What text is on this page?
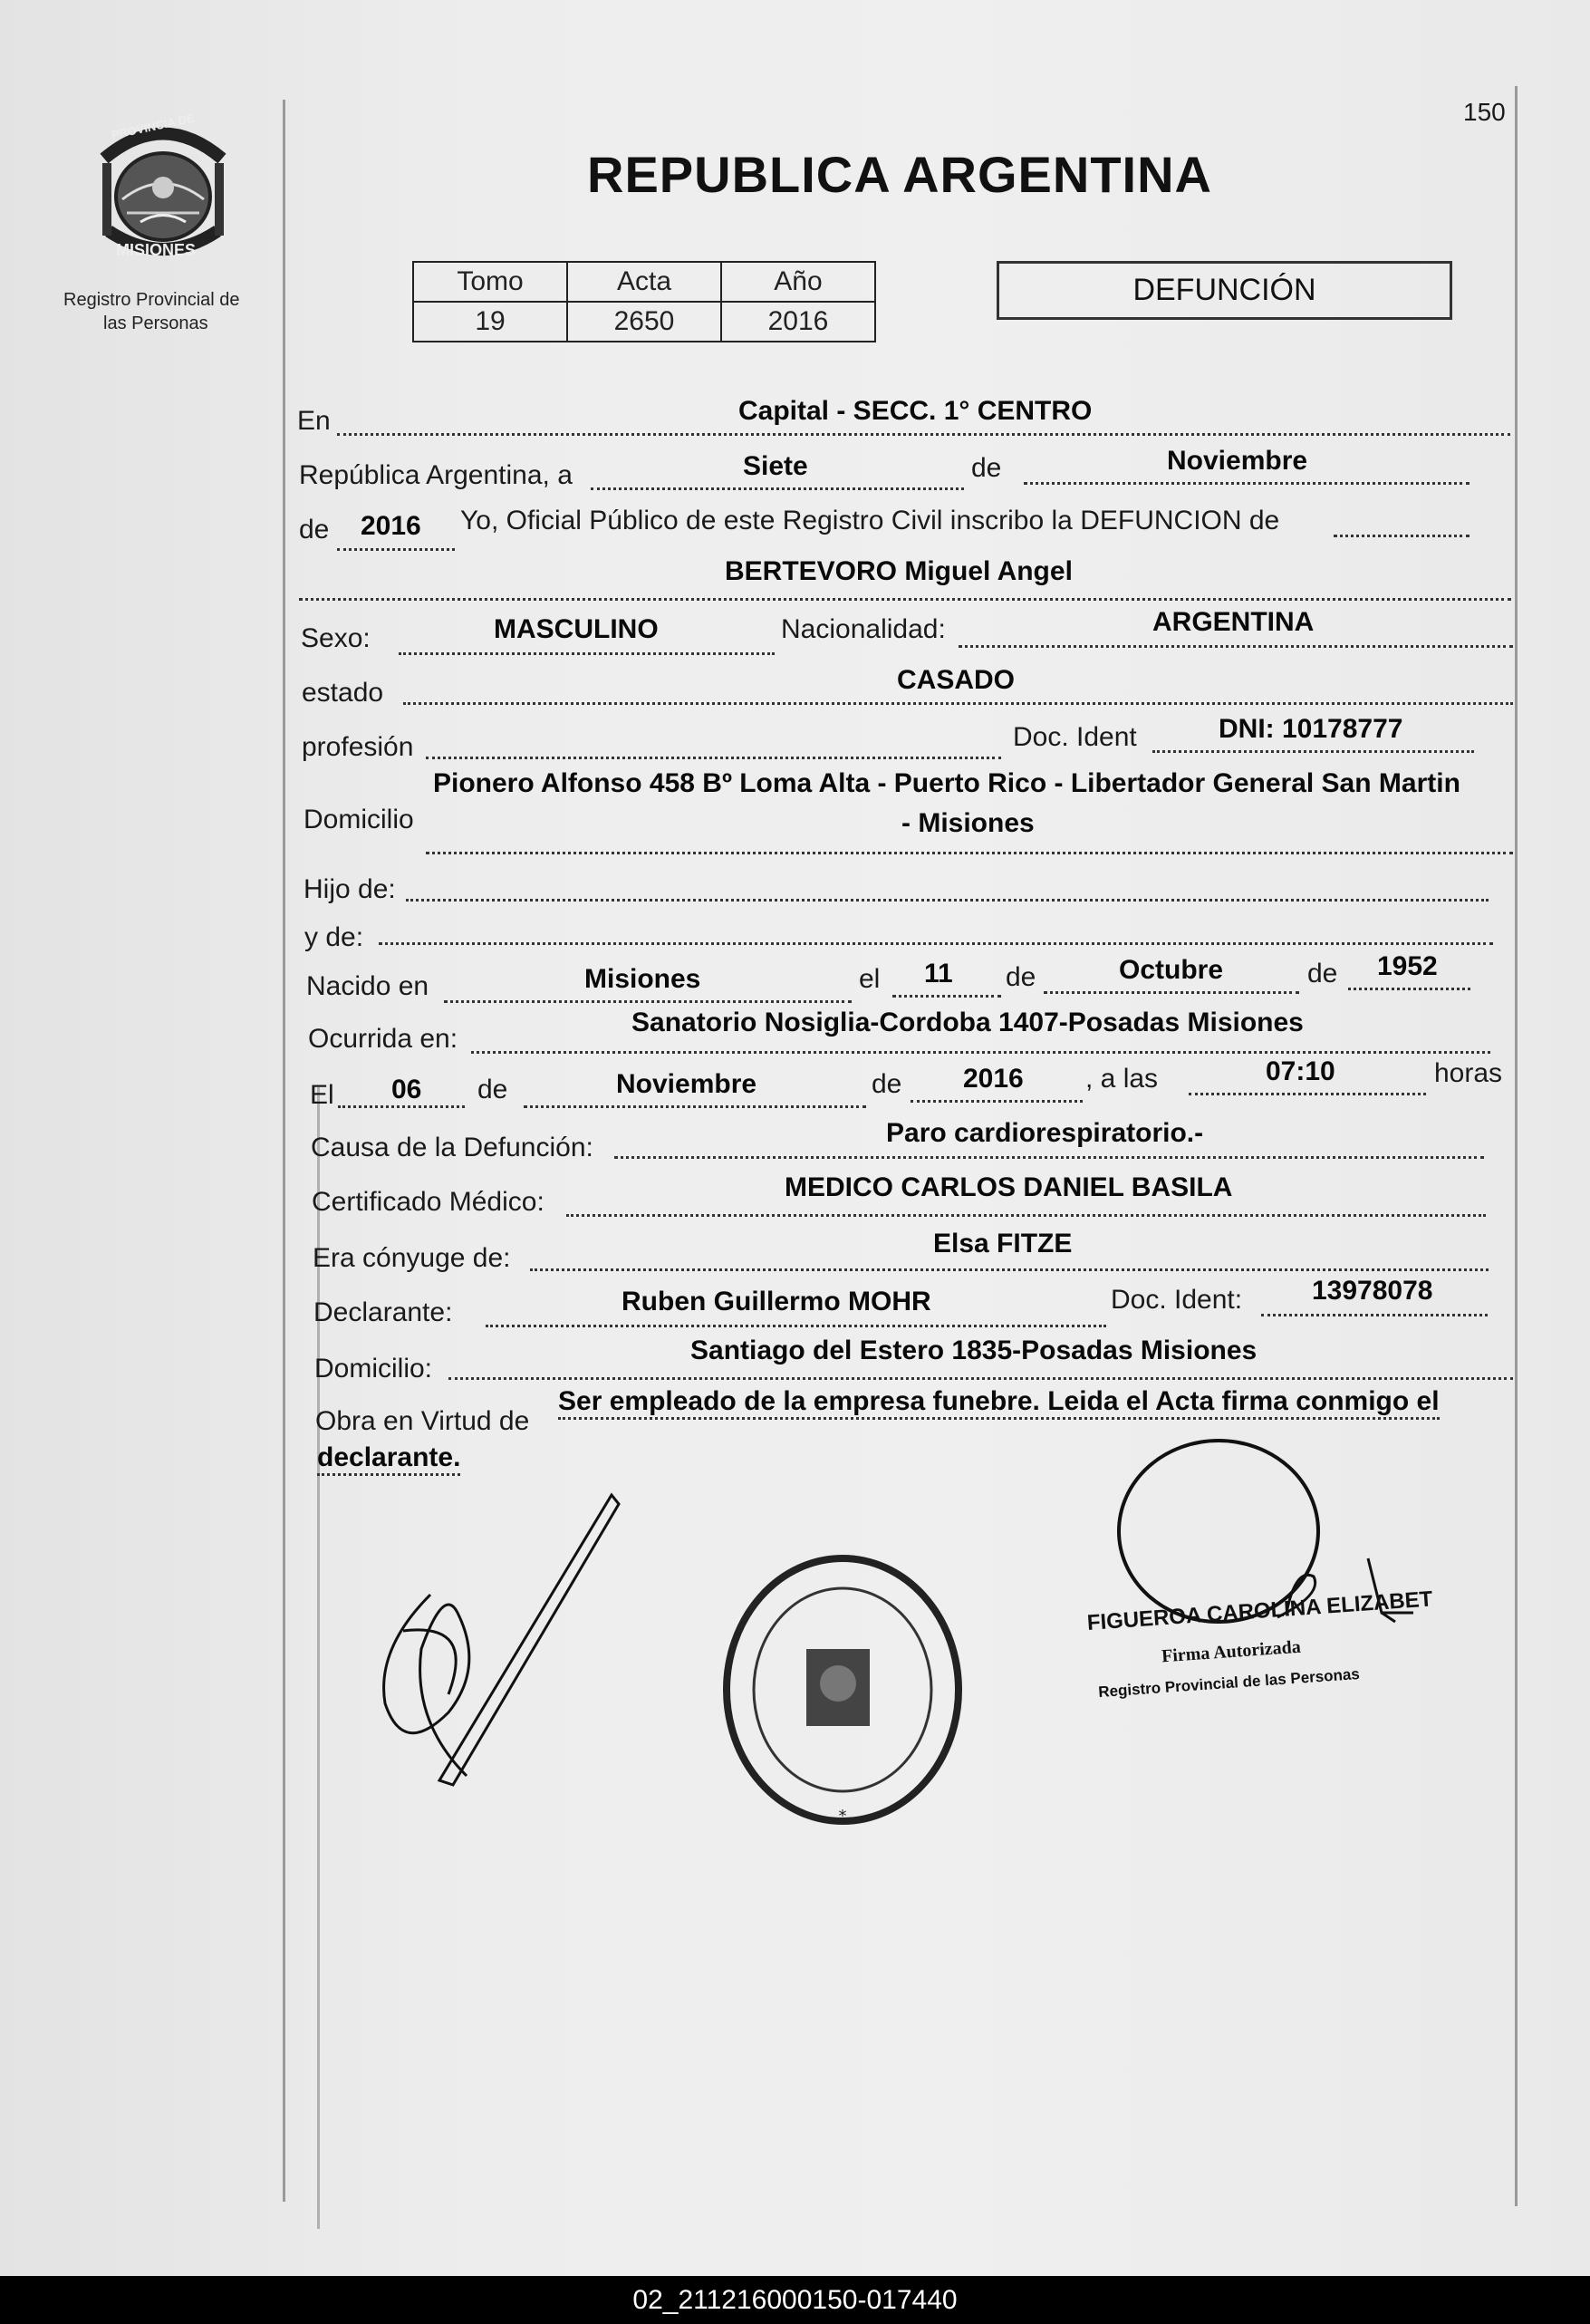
150
PROVINCIA DE
MISIONES
Registro Provincial de
las Personas
REPUBLICA ARGENTINA
Tomo	Acta	Año
19	2650	2016
DEFUNCIÓN
En	Capital - SECC. 1° CENTRO
República Argentina, a	Siete	de	Noviembre
de 2016 Yo, Oficial Público de este Registro Civil inscribo la DEFUNCION de
BERTEVORO Miguel Angel
Sexo:	MASCULINO	Nacionalidad:	ARGENTINA
estado	CASADO
profesión	Doc. Ident	DNI: 10178777
Domicilio
Pionero Alfonso 458 Bº Loma Alta - Puerto Rico - Libertador General San Martin
- Misiones
Hijo de:
y de:
Nacido en	Misiones	el 11 de	Octubre	de 1952
Ocurrida en:
Sanatorio Nosiglia-Cordoba 1407-Posadas Misiones
El 06 de	Noviembre	de 2016 , a las	07:10	horas
Causa de la Defunción:	Paro cardiorespiratorio.-
Certificado Médico:	MEDICO CARLOS DANIEL BASILA
Era cónyuge de:	Elsa FITZE
Declarante:	Ruben Guillermo MOHR	Doc. Ident:	13978078
Domicilio:
Santiago del Estero 1835-Posadas Misiones
Obra en Virtud de
Ser empleado de la empresa funebre. Leida el Acta firma conmigo el
declarante.
*
FIGUEROA CAROLINA ELIZABET
Firma Autorizada
Registro Provincial de las Personas
02_211216000150-017440
